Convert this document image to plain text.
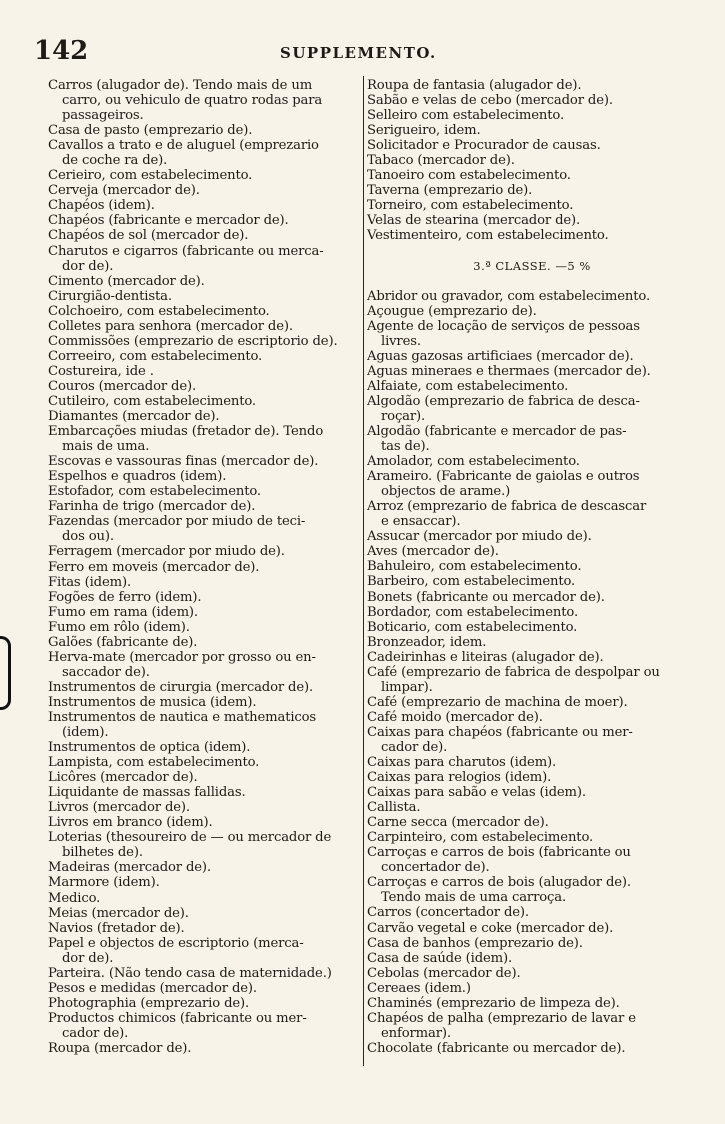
142	SUPPLEMENTO.
Carros (alugador de). Tendo mais de um
carro, ou vehiculo de quatro rodas para
passageiros.
Casa de pasto (emprezario de).
Cavallos a trato e de aluguel (emprezario
de coche ra de).
Cerieiro, com estabelecimento.
Cerveja (mercador de).
Chapéos (idem).
Chapéos (fabricante e mercador de).
Chapéos de sol (mercador de).
Charutos e cigarros (fabricante ou merca-
dor de).
Cimento (mercador de).
Cirurgião-dentista.
Colchoeiro, com estabelecimento.
Colletes para senhora (mercador de).
Commissões (emprezario de escriptorio de).
Correeiro, com estabelecimento.
Costureira, ide .
Couros (mercador de).
Cutileiro, com estabelecimento.
Diamantes (mercador de).
Embarcações miudas (fretador de). Tendo
mais de uma.
Escovas e vassouras finas (mercador de).
Espelhos e quadros (idem).
Estofador, com estabelecimento.
Farinha de trigo (mercador de).
Fazendas (mercador por miudo de teci-
dos ou).
Ferragem (mercador por miudo de).
Ferro em moveis (mercador de).
Fitas (idem).
Fogões de ferro (idem).
Fumo em rama (idem).
Fumo em rôlo (idem).
Galões (fabricante de).
Herva-mate (mercador por grosso ou en-
saccador de).
Instrumentos de cirurgia (mercador de).
Instrumentos de musica (idem).
Instrumentos de nautica e mathematicos
(idem).
Instrumentos de optica (idem).
Lampista, com estabelecimento.
Licôres (mercador de).
Liquidante de massas fallidas.
Livros (mercador de).
Livros em branco (idem).
Loterias (thesoureiro de — ou mercador de
bilhetes de).
Madeiras (mercador de).
Marmore (idem).
Medico.
Meias (mercador de).
Navios (fretador de).
Papel e objectos de escriptorio (merca-
dor de).
Parteira. (Não tendo casa de maternidade.)
Pesos e medidas (mercador de).
Photographia (emprezario de).
Productos chimicos (fabricante ou mer-
cador de).
Roupa (mercador de).
Roupa de fantasia (alugador de).
Sabão e velas de cebo (mercador de).
Selleiro com estabelecimento.
Serigueiro, idem.
Solicitador e Procurador de causas.
Tabaco (mercador de).
Tanoeiro com estabelecimento.
Taverna (emprezario de).
Torneiro, com estabelecimento.
Velas de stearina (mercador de).
Vestimenteiro, com estabelecimento.
3.ª CLASSE. —5 %
Abridor ou gravador, com estabelecimento.
Açougue (emprezario de).
Agente de locação de serviços de pessoas
livres.
Aguas gazosas artificiaes (mercador de).
Aguas mineraes e thermaes (mercador de).
Alfaiate, com estabelecimento.
Algodão (emprezario de fabrica de desca-
roçar).
Algodão (fabricante e mercador de pas-
tas de).
Amolador, com estabelecimento.
Arameiro. (Fabricante de gaiolas e outros
objectos de arame.)
Arroz (emprezario de fabrica de descascar
e ensaccar).
Assucar (mercador por miudo de).
Aves (mercador de).
Bahuleiro, com estabelecimento.
Barbeiro, com estabelecimento.
Bonets (fabricante ou mercador de).
Bordador, com estabelecimento.
Boticario, com estabelecimento.
Bronzeador, idem.
Cadeirinhas e liteiras (alugador de).
Café (emprezario de fabrica de despolpar ou
limpar).
Café (emprezario de machina de moer).
Café moido (mercador de).
Caixas para chapéos (fabricante ou mer-
cador de).
Caixas para charutos (idem).
Caixas para relogios (idem).
Caixas para sabão e velas (idem).
Callista.
Carne secca (mercador de).
Carpinteiro, com estabelecimento.
Carroças e carros de bois (fabricante ou
concertador de).
Carroças e carros de bois (alugador de).
Tendo mais de uma carroça.
Carros (concertador de).
Carvão vegetal e coke (mercador de).
Casa de banhos (emprezario de).
Casa de saúde (idem).
Cebolas (mercador de).
Cereaes (idem.)
Chaminés (emprezario de limpeza de).
Chapéos de palha (emprezario de lavar e
enformar).
Chocolate (fabricante ou mercador de).
